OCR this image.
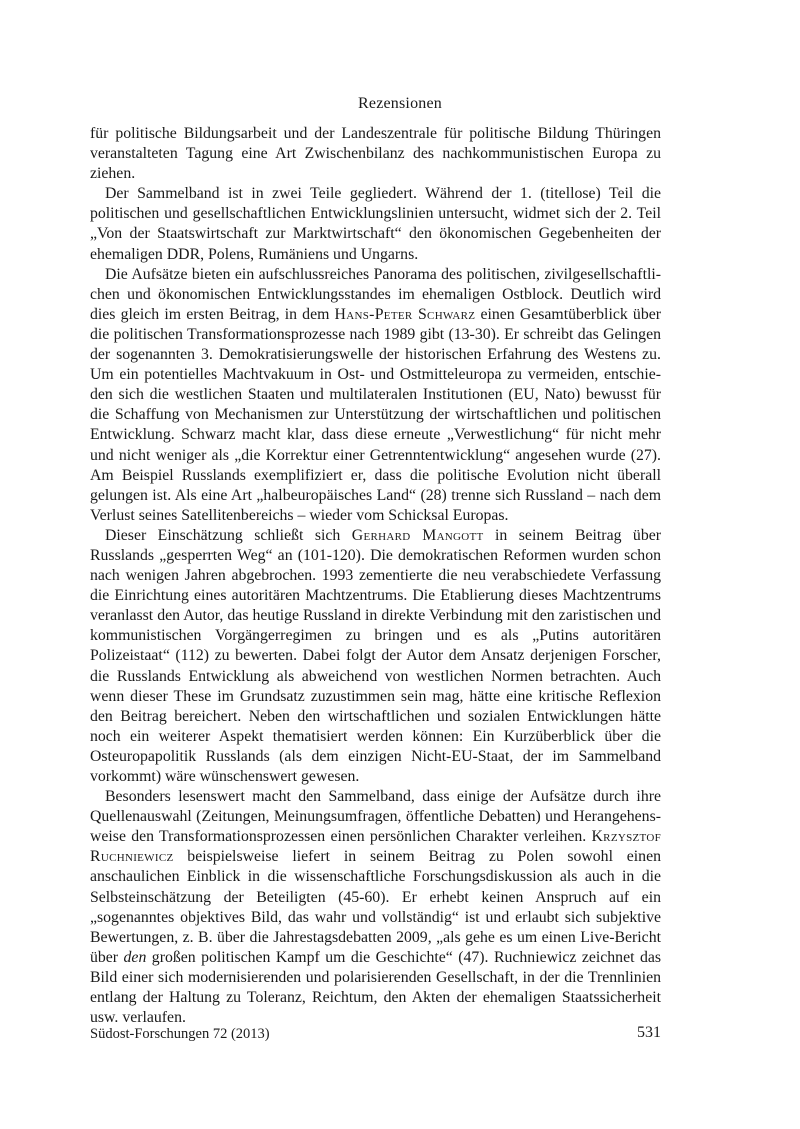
Rezensionen

für politische Bildungsarbeit und der Landeszentrale für politische Bildung Thüringen veranstalteten Tagung eine Art Zwischenbilanz des nachkommunistischen Europa zu ziehen.

Der Sammelband ist in zwei Teile gegliedert. Während der 1. (titellose) Teil die politischen und gesellschaftlichen Entwicklungslinien untersucht, widmet sich der 2. Teil „Von der Staatswirtschaft zur Marktwirtschaft“ den ökonomischen Gegebenheiten der ehemaligen DDR, Polens, Rumäniens und Ungarns.

Die Aufsätze bieten ein aufschlussreiches Panorama des politischen, zivilgesellschaftlichen und ökonomischen Entwicklungsstandes im ehemaligen Ostblock. Deutlich wird dies gleich im ersten Beitrag, in dem Hans-Peter Schwarz einen Gesamtüberblick über die politischen Transformationsprozesse nach 1989 gibt (13-30). Er schreibt das Gelingen der sogenannten 3. Demokratisierungswelle der historischen Erfahrung des Westens zu. Um ein potentielles Machtvakuum in Ost- und Ostmitteleuropa zu vermeiden, entschieden sich die westlichen Staaten und multilateralen Institutionen (EU, Nato) bewusst für die Schaffung von Mechanismen zur Unterstützung der wirtschaftlichen und politischen Entwicklung. Schwarz macht klar, dass diese erneute „Verwestlichung“ für nicht mehr und nicht weniger als „die Korrektur einer Getrenntentwicklung“ angesehen wurde (27). Am Beispiel Russlands exemplifiziert er, dass die politische Evolution nicht überall gelungen ist. Als eine Art „halbeuropäisches Land“ (28) trenne sich Russland – nach dem Verlust seines Satellitenbereichs – wieder vom Schicksal Europas.

Dieser Einschätzung schließt sich Gerhard Mangott in seinem Beitrag über Russlands „gesperrten Weg“ an (101-120). Die demokratischen Reformen wurden schon nach wenigen Jahren abgebrochen. 1993 zementierte die neu verabschiedete Verfassung die Einrichtung eines autoritären Machtzentrums. Die Etablierung dieses Machtzentrums veranlasst den Autor, das heutige Russland in direkte Verbindung mit den zaristischen und kommunistischen Vorgängerregimen zu bringen und es als „Putins autoritären Polizeistaat“ (112) zu bewerten. Dabei folgt der Autor dem Ansatz derjenigen Forscher, die Russlands Entwicklung als abweichend von westlichen Normen betrachten. Auch wenn dieser These im Grundsatz zuzustimmen sein mag, hätte eine kritische Reflexion den Beitrag bereichert. Neben den wirtschaftlichen und sozialen Entwicklungen hätte noch ein weiterer Aspekt thematisiert werden können: Ein Kurzüberblick über die Osteuropapolitik Russlands (als dem einzigen Nicht-EU-Staat, der im Sammelband vorkommt) wäre wünschenswert gewesen.

Besonders lesenswert macht den Sammelband, dass einige der Aufsätze durch ihre Quellenauswahl (Zeitungen, Meinungsumfragen, öffentliche Debatten) und Herangehensweise den Transformationsprozessen einen persönlichen Charakter verleihen. Krzysztof Ruchniewicz beispielsweise liefert in seinem Beitrag zu Polen sowohl einen anschaulichen Einblick in die wissenschaftliche Forschungsdiskussion als auch in die Selbsteinschätzung der Beteiligten (45-60). Er erhebt keinen Anspruch auf ein „sogenanntes objektives Bild, das wahr und vollständig“ ist und erlaubt sich subjektive Bewertungen, z. B. über die Jahrestagsdebatten 2009, „als gehe es um einen Live-Bericht über den großen politischen Kampf um die Geschichte“ (47). Ruchniewicz zeichnet das Bild einer sich modernisierenden und polarisierenden Gesellschaft, in der die Trennlinien entlang der Haltung zu Toleranz, Reichtum, den Akten der ehemaligen Staatssicherheit usw. verlaufen.

Südost-Forschungen 72 (2013)	531
